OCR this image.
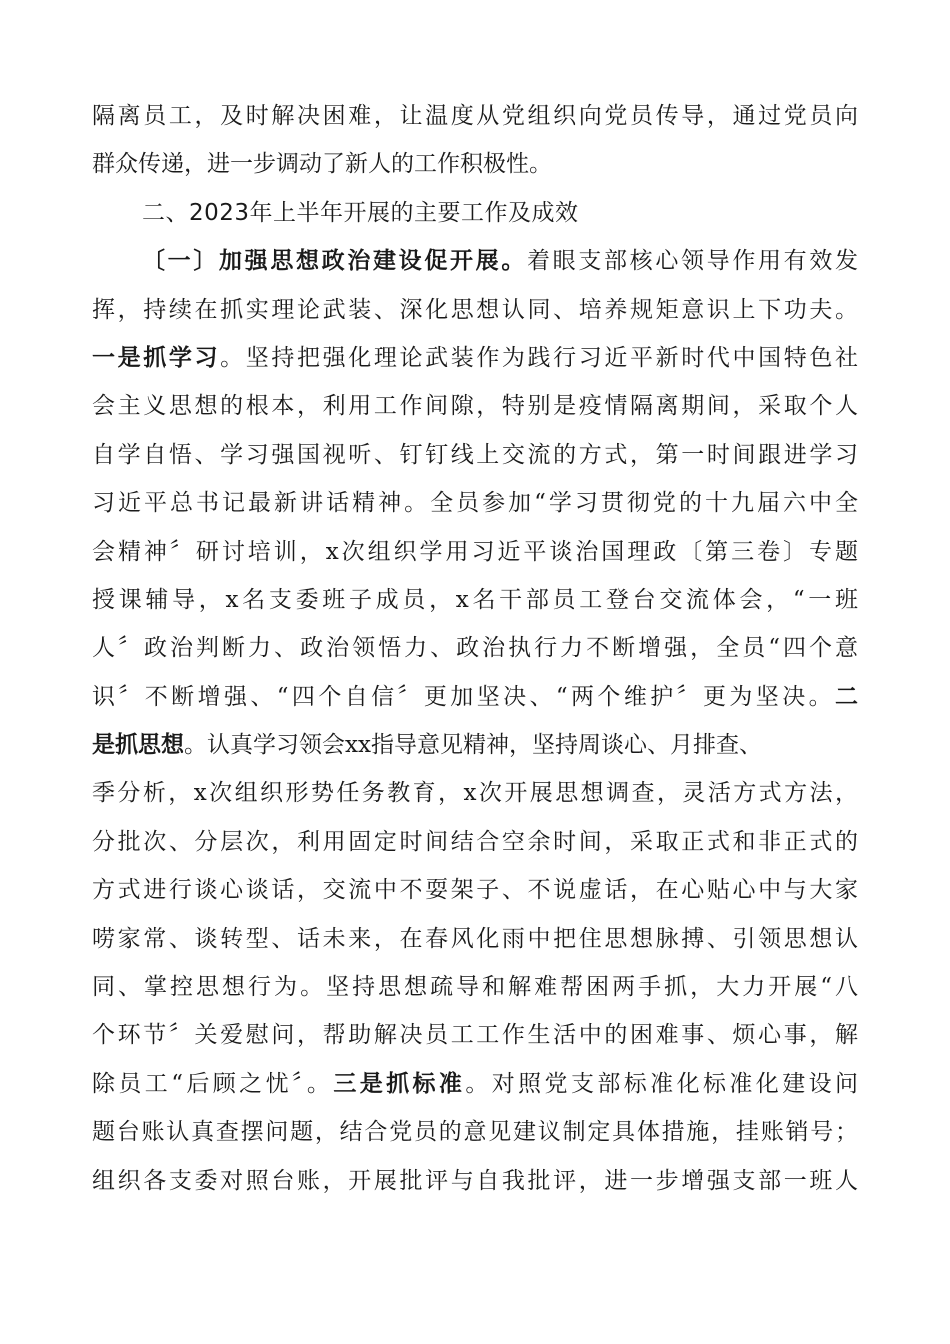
隔离员工，及时解决困难，让温度从党组织向党员传导，通过党员向
群众传递，进一步调动了新人的工作积极性。
二、2023年上半年开展的主要工作及成效
〔一〕加强思想政治建设促开展。着眼支部核心领导作用有效发
挥，持续在抓实理论武装、深化思想认同、培养规矩意识上下功夫。
一是抓学习。坚持把强化理论武装作为践行习近平新时代中国特色社
会主义思想的根本，利用工作间隙，特别是疫情隔离期间，采取个人
自学自悟、学习强国视听、钉钉线上交流的方式，第一时间跟进学习
习近平总书记最新讲话精神。全员参加“学习贯彻党的十九届六中全
会精神〞研讨培训，x次组织学用习近平谈治国理政〔第三卷〕专题
授课辅导，x名支委班子成员，x名干部员工登台交流体会，“一班
人〞政治判断力、政治领悟力、政治执行力不断增强，全员“四个意
识〞不断增强、“四个自信〞更加坚决、“两个维护〞更为坚决。二
是抓思想。认真学习领会xx指导意见精神，坚持周谈心、月排查、
季分析，x次组织形势任务教育，x次开展思想调查，灵活方式方法，
分批次、分层次，利用固定时间结合空余时间，采取正式和非正式的
方式进行谈心谈话，交流中不耍架子、不说虚话，在心贴心中与大家
唠家常、谈转型、话未来，在春风化雨中把住思想脉搏、引领思想认
同、掌控思想行为。坚持思想疏导和解难帮困两手抓，大力开展“八
个环节〞关爱慰问，帮助解决员工工作生活中的困难事、烦心事，解
除员工“后顾之忧〞。三是抓标准。对照党支部标准化标准化建设问
题台账认真查摆问题，结合党员的意见建议制定具体措施，挂账销号；
组织各支委对照台账，开展批评与自我批评，进一步增强支部一班人
